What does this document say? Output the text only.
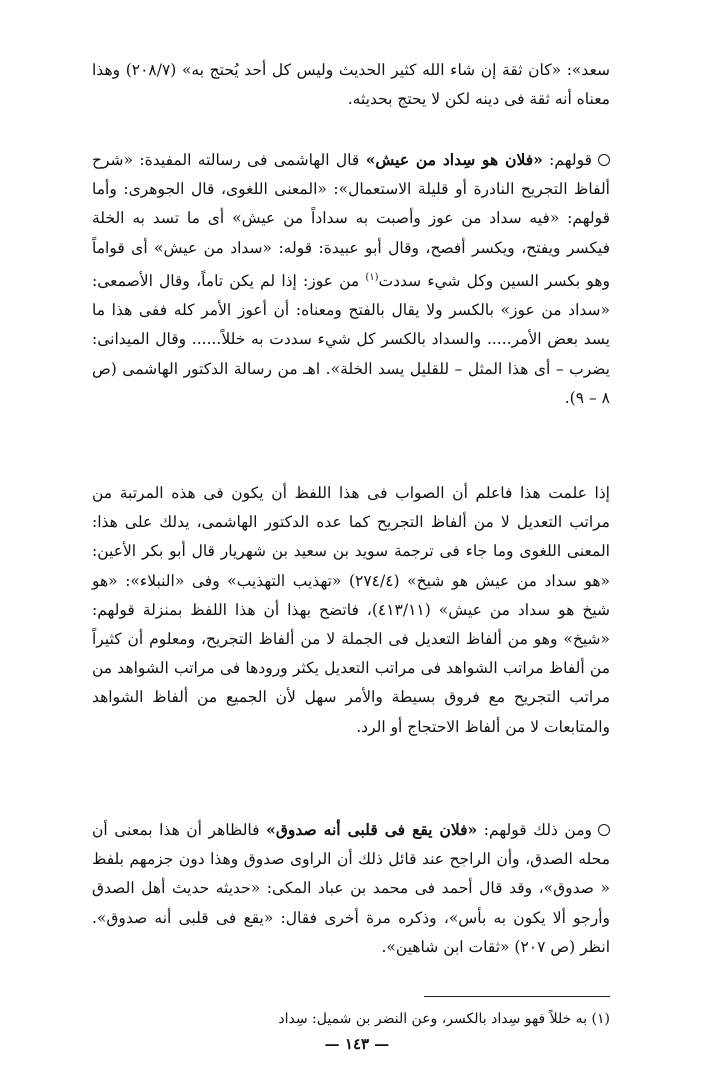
سعد»: «كان ثقة إن شاء الله كثير الحديث وليس كل أحد يُحتج به» (٢٠٨/٧) وهذا معناه أنه ثقة فى دينه لكن لا يحتج بحديثه.

قولهم: «فلان هو سِداد من عيش» قال الهاشمى فى رسالته المفيدة: «شرح ألفاظ التجريح النادرة أو قليلة الاستعمال»: «المعنى اللغوى، قال الجوهرى: وأما قولهم: «فيه سداد من عوز وأصبت به سداداً من عيش» أى ما تسد به الخلة فيكسر ويفتح، ويكسر أفصح، وقال أبو عبيدة: قوله: «سداد من عيش» أى قواماً وهو بكسر السين وكل شيء سددت$^{(١)}$ من عوز: إذا لم يكن تاماً، وقال الأصمعى: «سداد من عوز» بالكسر ولا يقال بالفتح ومعناه: أن أعوز الأمر كله ففى هذا ما يسد بعض الأمر..... والسداد بالكسر كل شيء سددت به خللاً...... وقال الميدانى: يضرب – أى هذا المثل – للقليل يسد الخلة». اهـ من رسالة الدكتور الهاشمى (ص ٨ – ٩).

إذا علمت هذا فاعلم أن الصواب فى هذا اللفظ أن يكون فى هذه المرتبة من مراتب التعديل لا من ألفاظ التجريح كما عده الدكتور الهاشمى، يدلك على هذا: المعنى اللغوى وما جاء فى ترجمة سويد بن سعيد بن شهريار قال أبو بكر الأعين: «هو سداد من عيش هو شيخ» (٢٧٤/٤) «تهذيب التهذيب» وفى «النبلاء»: «هو شيخ هو سداد من عيش» (٤١٣/١١)، فاتضح بهذا أن هذا اللفظ بمنزلة قولهم: «شيخ» وهو من ألفاظ التعديل فى الجملة لا من ألفاظ التجريح، ومعلوم أن كثيراً من ألفاظ مراتب الشواهد فى مراتب التعديل يكثر ورودها فى مراتب الشواهد من مراتب التجريح مع فروق بسيطة والأمر سهل لأن الجميع من ألفاظ الشواهد والمتابعات لا من ألفاظ الاحتجاج أو الرد.

ومن ذلك قولهم: «فلان يقع فى قلبى أنه صدوق» فالظاهر أن هذا بمعنى أن محله الصدق، وأن الراجح عند قائل ذلك أن الراوى صدوق وهذا دون جزمهم بلفظ « صدوق»، وقد قال أحمد فى محمد بن عباد المكى: «حديثه حديث أهل الصدق وأرجو ألا يكون به بأس»، وذكره مرة أخرى فقال: «يقع فى قلبى أنه صدوق». انظر (ص ٢٠٧) «ثقات ابن شاهين».

(١) به خللاً فهو سِداد بالكسر، وعن النضر بن شميل: سِداد

— ١٤٣ —
